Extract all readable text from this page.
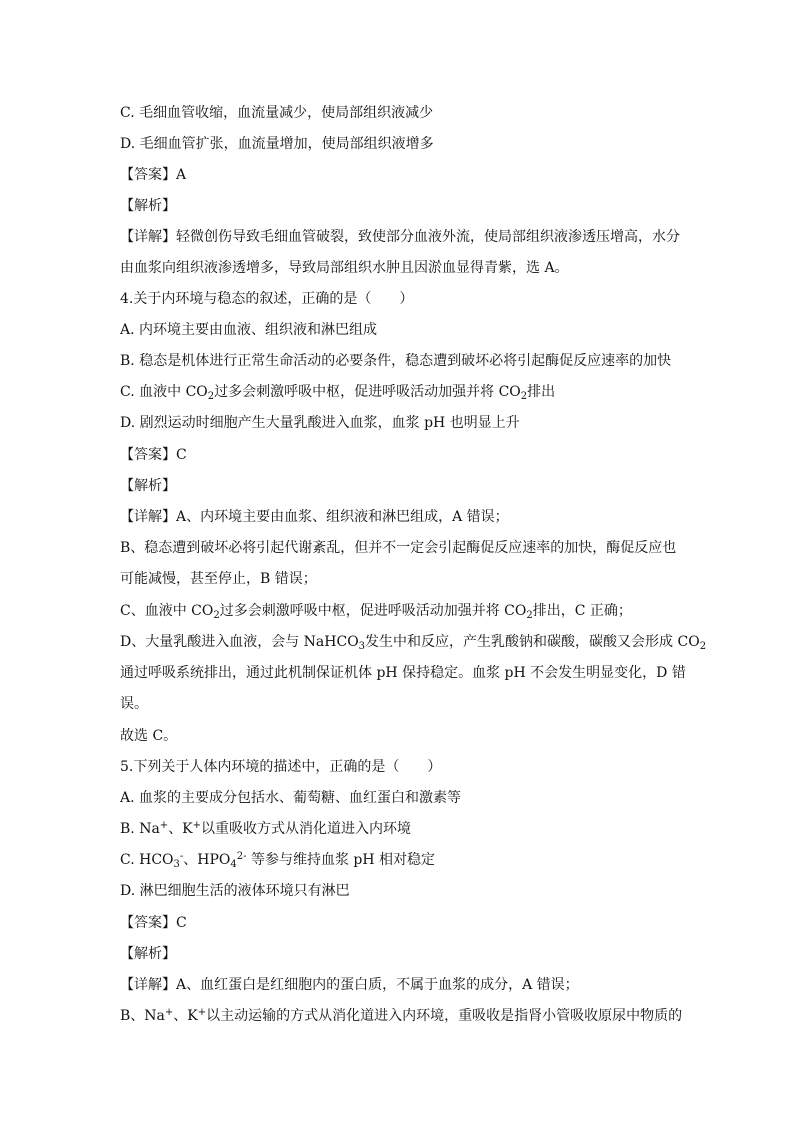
C. 毛细血管收缩，血流量减少，使局部组织液减少
D. 毛细血管扩张，血流量增加，使局部组织液增多
【答案】A
【解析】
【详解】轻微创伤导致毛细血管破裂，致使部分血液外流，使局部组织液渗透压增高，水分
由血浆向组织液渗透增多，导致局部组织水肿且因淤血显得青紫，选 A。
4.关于内环境与稳态的叙述，正确的是（　　）
A. 内环境主要由血液、组织液和淋巴组成
B. 稳态是机体进行正常生命活动的必要条件，稳态遭到破坏必将引起酶促反应速率的加快
C. 血液中 $CO_2$过多会刺激呼吸中枢，促进呼吸活动加强并将 $CO_2$排出
D. 剧烈运动时细胞产生大量乳酸进入血浆，血浆 pH 也明显上升
【答案】C
【解析】
【详解】A、内环境主要由血浆、组织液和淋巴组成，A 错误；
B、稳态遭到破坏必将引起代谢紊乱，但并不一定会引起酶促反应速率的加快，酶促反应也
可能减慢，甚至停止，B 错误；
C、血液中 $CO_2$过多会刺激呼吸中枢，促进呼吸活动加强并将 $CO_2$排出，C 正确；
D、大量乳酸进入血液，会与 NaHCO$_3$发生中和反应，产生乳酸钠和碳酸，碳酸又会形成 $CO_2$
通过呼吸系统排出，通过此机制保证机体 pH 保持稳定。血浆 pH 不会发生明显变化，D 错
误。
故选 C。
5.下列关于人体内环境的描述中，正确的是（　　）
A. 血浆的主要成分包括水、葡萄糖、血红蛋白和激素等
B. Na+、K+以重吸收方式从消化道进入内环境
C. $HCO_3^-$、$HPO_4^{2-}$ 等参与维持血浆 pH 相对稳定
D. 淋巴细胞生活的液体环境只有淋巴
【答案】C
【解析】
【详解】A、血红蛋白是红细胞内的蛋白质，不属于血浆的成分，A 错误；
B、Na+、K+以主动运输的方式从消化道进入内环境，重吸收是指肾小管吸收原尿中物质的
